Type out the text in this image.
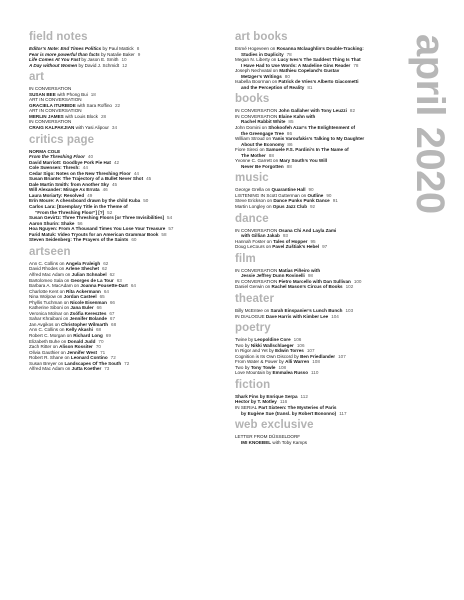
field notes
Editor’s Note: End Times Politics by Paul Mattick 8
Fear is more powerful than facts by Natalie Baker 9
Life Comes At You Fast by Jason E. Smith 10
A Day without Women by David J. Schmidt 12
art
IN CONVERSATION
SUSAN BEE with Phong Bui 18
ART IN CONVERSATION
GRACIELA ITURBIDE with Sara Roffino 22
ART IN CONVERSATION
MERLIN JAMES with Louis Block 28
IN CONVERSATION
CRAIG KALPAKJIAN with Yasi Alipour 34
critics page
NORMA COLE
From the Threshing Floor 40
David Marriott: Goodbye Pork Pie Hat 42
Cole Swensen: Thresh: 44
Cedar Sigo: Notes on the New Threshing Floor 44
Susan Briante: The Trajectory of a Bullet Never Shot 45
Dale Martin Smith: from Another Sky 45
Will Alexander: Mirage Ax Errata 46
Laura Moriarty: Resolved 49
Erín Moure: A chessboard drawn by the child Kuba 50
Carlos Lara: [Exemplary Title in the Theme of
“From the Threshing Floor”] [?] 52
Susan Gevirtz: Three Threshing Floors [or Three Invisibilities] 54
Aaron Shurin: Shake 56
Hoa Nguyen: From A Thousand Times You Lose Your Treasure 57
Farid Matuk: Video Tryouts for an American Grammar Book 58
Steven Seidenberg: The Prayers of the Saints 60
artseen
Ann C. Collins on Angela Fraleigh 62
David Rhodes on Arlene Shechet 62
Alfred Mac Adam on Julian Schnabel 62
Bartolomeo Sala on Georges de La Tour 63
Barbara A. MacAdam on Joanna Pousette-Dart 64
Charlotte Kent on Rita Ackermann 64
Nina Wolpow on Jordan Casteel 65
Phyllis Tuchman on Nicole Eisenman 66
Katherine Siboni on Jana Euler 66
Veronica Molnar on Zsófia Keresztes 67
Sahar Khraibani on Jennifer Bolande 67
Jan Avgikos on Christopher Wilmarth 68
Ann C. Collins on Kelly Akashi 68
Robert C. Morgan on Richard Long 69
Elizabeth Buhe on Donald Judd 70
Zach Ritter on Alison Rossiter 70
Olivia Gauthier on Jennifer West 71
Robert R. Shane on Leonard Contino 72
Susan Breyer on Landscapes Of The South 72
Alfred Mac Adam on Jutta Koether 73
art books
Esmé Hogeveen on Rosanna Mclaughlin’s Double-Tracking:
Studies in Duplicity 78
Megan N. Liberty on Lucy Ives’s The Saddest Thing Is That
I Have Had to Use Words: A Madeline Gins Reader 78
Joseph Nechvatal on Mathieu Copeland’s Gustav
Metzger’s Writings 80
Isabella Boorman on Patrick de Vries’s Alberto Giacometti
and the Perception of Reality 81
books
IN CONVERSATION John Gallaher with Tony Leuzzi 82
IN CONVERSATION Elaine Kahn with
Rachel Rabbit White 85
John Domini on Shokoofeh Azar’s The Enlightenment of
the Greengage Tree 86
William Stroud on Yanis Varoufakis’s Talking to My Daughter
About the Economy 86
Fiore Sireci on Samuele F.S. Pardini’s In The Name of
The Mother 88
Yvonne C. Garrett on Mary South’s You Will
Never Be Forgotten 88
music
George Grella on Quarantine Hall 90
LISTENING IN Scott Gutterman on Outline 90
Steve Erickson on Dance Punks Punk Dance 91
Martin Longley on Opus Jazz Club 92
dance
IN CONVERSATION Osana Chi And Layla Zami
with Gillian Jakab 93
Hannah Foster on Tales of Hopper 95
Doug LeCours on Pavel Zuštiak’s Hebel 97
film
IN CONVERSATION Matías Piñeiro with
Jessie Jeffrey Dunn Rovinelli 98
IN CONVERSATION Pietro Marcello with Dan Sullivan 100
Daniel Gerwin on Rachel Mason’s Circus of Books 102
theater
Billy McEntee on Sarah Einspanier’s Lunch Bunch 103
IN DIALOGUE Dave Harris with Kimber Lee 104
poetry
Twine by Leopoldine Core 106
Two by Nikki Wallschlaeger 106
In Rigor and Yet by Edwin Torres 107
Cognition is Its Own Discord by Ben Friedlander 107
From Water & Power by Alli Warren 108
Two by Tony Towle 108
Love Mountain by Emmalea Russo 110
fiction
Shark Fins by Enrique Serpa 112
Hector by T. Motley 116
IN SERIAL Part Sixteen: The Mysteries of Paris
by Eugène Sue (transl. by Robert Bononno) 117
web exclusive
LETTER FROM DÜSSELDORF
IMI KNOEBEL with Toby Kamps
april 2020
